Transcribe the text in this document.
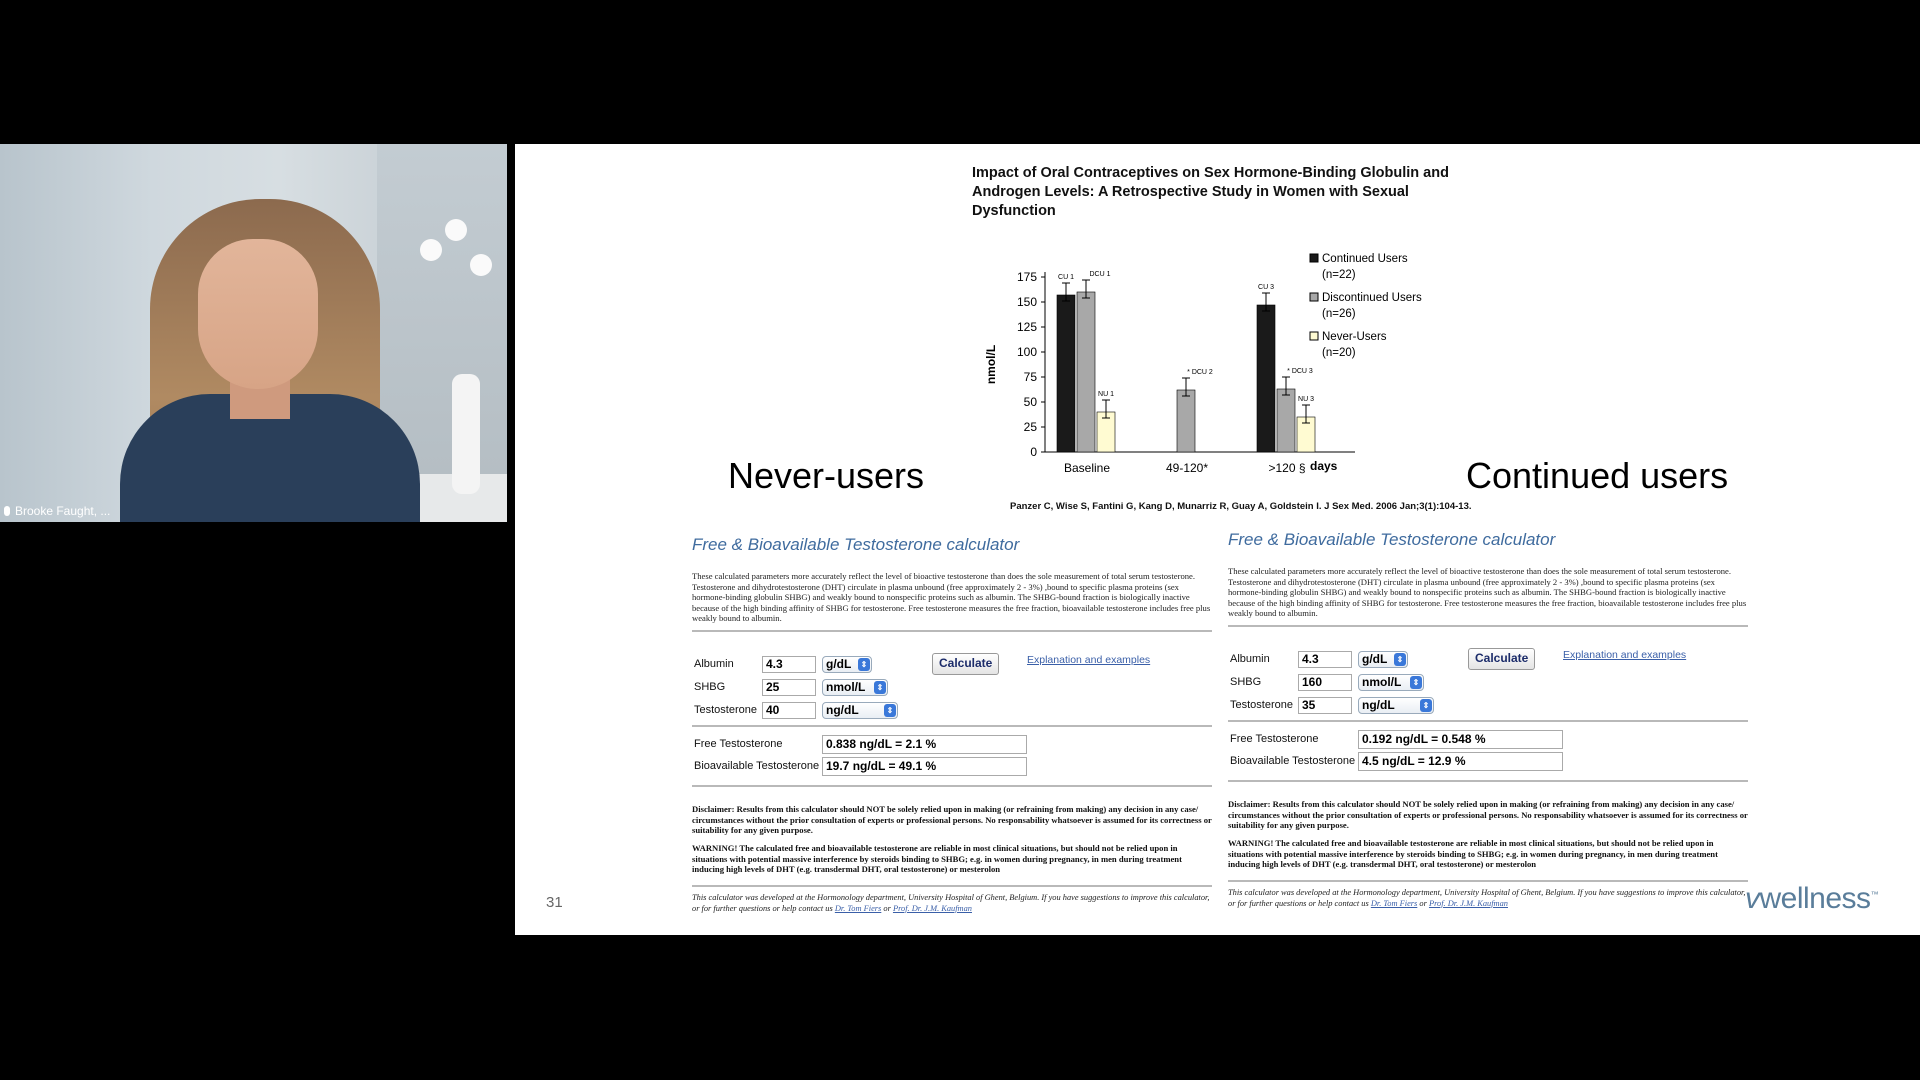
Brooke Faught, ...
Impact of Oral Contraceptives on Sex Hormone-Binding Globulin and Androgen Levels: A Retrospective Study in Women with Sexual Dysfunction
0
25
50
75
100
125
150
175
nmol/L
CU 1 DCU 1
NU 1
Baseline
* DCU 2
49-120*
CU 3
* DCU 3
NU 3
>120 § days
Continued Users
(n=22)
Discontinued Users
(n=26)
Never-Users
(n=20)
Never-users	Continued users
Panzer C, Wise S, Fantini G, Kang D, Munarriz R, Guay A, Goldstein I. J Sex Med. 2006 Jan;3(1):104-13.
Free & Bioavailable Testosterone calculator
These calculated parameters more accurately reflect the level of bioactive testosterone than does the sole measurement of total serum testosterone. Testosterone and dihydrotestosterone (DHT) circulate in plasma unbound (free approximately 2 - 3%) ,bound to specific plasma proteins (sex hormone-binding globulin SHBG) and weakly bound to nonspecific proteins such as albumin. The SHBG-bound fraction is biologically inactive because of the high binding affinity of SHBG for testosterone. Free testosterone measures the free fraction, bioavailable testosterone includes free plus weakly bound to albumin.
Albumin	4.3	g/dL	⇕
SHBG	25	nmol/L	⇕
Testosterone 40	ng/dL	⇕
Calculate	Explanation and examples
Free Testosterone	0.838 ng/dL = 2.1 %
Bioavailable Testosterone 19.7 ng/dL = 49.1 %
Disclaimer: Results from this calculator should NOT be solely relied upon in making (or refraining from making) any decision in any case/ circumstances without the prior consultation of experts or professional persons. No responsability whatsoever is assumed for its correctness or suitability for any given purpose.
WARNING! The calculated free and bioavailable testosterone are reliable in most clinical situations, but should not be relied upon in situations with potential massive interference by steroids binding to SHBG; e.g. in women during pregnancy, in men during treatment inducing high levels of DHT (e.g. transdermal DHT, oral testosterone) or mesterolon
This calculator was developed at the Hormonology department, University Hospital of Ghent, Belgium. If you have suggestions to improve this calculator, or for further questions or help contact us Dr. Tom Fiers or Prof. Dr. J.M. Kaufman
Free & Bioavailable Testosterone calculator
These calculated parameters more accurately reflect the level of bioactive testosterone than does the sole measurement of total serum testosterone. Testosterone and dihydrotestosterone (DHT) circulate in plasma unbound (free approximately 2 - 3%) ,bound to specific plasma proteins (sex hormone-binding globulin SHBG) and weakly bound to nonspecific proteins such as albumin. The SHBG-bound fraction is biologically inactive because of the high binding affinity of SHBG for testosterone. Free testosterone measures the free fraction, bioavailable testosterone includes free plus weakly bound to albumin.
Albumin	4.3	g/dL	⇕
SHBG	160	nmol/L	⇕
Testosterone 35	ng/dL	⇕
Calculate	Explanation and examples
Free Testosterone	0.192 ng/dL = 0.548 %
Bioavailable Testosterone 4.5 ng/dL = 12.9 %
Disclaimer: Results from this calculator should NOT be solely relied upon in making (or refraining from making) any decision in any case/ circumstances without the prior consultation of experts or professional persons. No responsability whatsoever is assumed for its correctness or suitability for any given purpose.
WARNING! The calculated free and bioavailable testosterone are reliable in most clinical situations, but should not be relied upon in situations with potential massive interference by steroids binding to SHBG; e.g. in women during pregnancy, in men during treatment inducing high levels of DHT (e.g. transdermal DHT, oral testosterone) or mesterolon
This calculator was developed at the Hormonology department, University Hospital of Ghent, Belgium. If you have suggestions to improve this calculator, or for further questions or help contact us Dr. Tom Fiers or Prof. Dr. J.M. Kaufman
31	vwellness™
